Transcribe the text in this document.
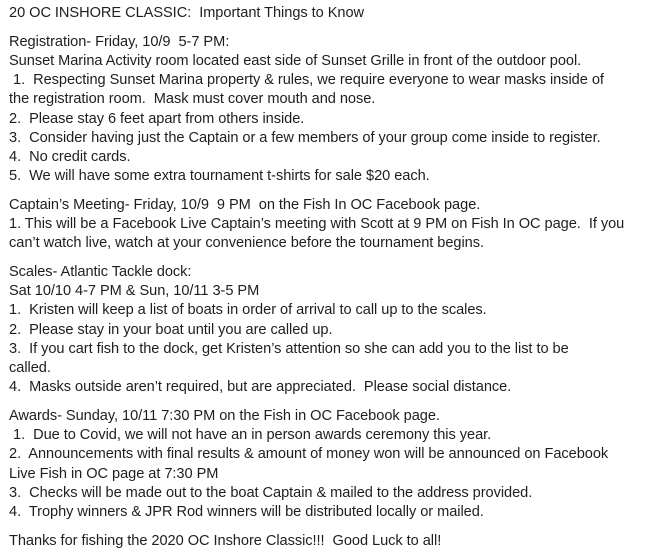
20 OC INSHORE CLASSIC:  Important Things to Know
Registration- Friday, 10/9  5-7 PM:
Sunset Marina Activity room located east side of Sunset Grille in front of the outdoor pool.
1.  Respecting Sunset Marina property & rules, we require everyone to wear masks inside of
the registration room.  Mask must cover mouth and nose.
2.  Please stay 6 feet apart from others inside.
3.  Consider having just the Captain or a few members of your group come inside to register.
4.  No credit cards.
5.  We will have some extra tournament t-shirts for sale $20 each.
Captain’s Meeting- Friday, 10/9  9 PM  on the Fish In OC Facebook page.
1. This will be a Facebook Live Captain’s meeting with Scott at 9 PM on Fish In OC page.  If you
can’t watch live, watch at your convenience before the tournament begins.
Scales- Atlantic Tackle dock:
Sat 10/10 4-7 PM & Sun, 10/11 3-5 PM
1.  Kristen will keep a list of boats in order of arrival to call up to the scales.
2.  Please stay in your boat until you are called up.
3.  If you cart fish to the dock, get Kristen’s attention so she can add you to the list to be
called.
4.  Masks outside aren’t required, but are appreciated.  Please social distance.
Awards- Sunday, 10/11 7:30 PM on the Fish in OC Facebook page.
1.  Due to Covid, we will not have an in person awards ceremony this year.
2.  Announcements with final results & amount of money won will be announced on Facebook
Live Fish in OC page at 7:30 PM
3.  Checks will be made out to the boat Captain & mailed to the address provided.
4.  Trophy winners & JPR Rod winners will be distributed locally or mailed.
Thanks for fishing the 2020 OC Inshore Classic!!!  Good Luck to all!
